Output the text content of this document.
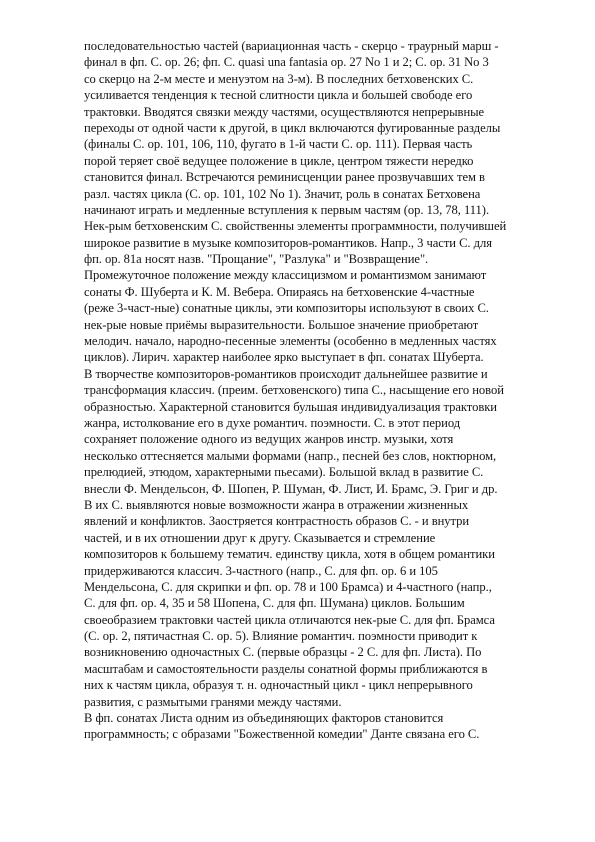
последовательностью частей (вариационная часть - скерцо - траурный марш -
финал в фп. С. ор. 26; фп. С. quasi una fantasia op. 27 No 1 и 2; С. ор. 31 No 3
со скерцо на 2-м месте и менуэтом на 3-м). В последних бетховенских С.
усиливается тенденция к тесной слитности цикла и большей свободе его
трактовки. Вводятся связки между частями, осуществляются непрерывные
переходы от одной части к другой, в цикл включаются фугированные разделы
(финалы С. ор. 101, 106, 110, фугато в 1-й части С. ор. 111). Первая часть
порой теряет своё ведущее положение в цикле, центром тяжести нередко
становится финал. Встречаются реминисценции ранее прозвучавших тем в
разл. частях цикла (С. ор. 101, 102 No 1). Значит, роль в сонатах Бетховена
начинают играть и медленные вступления к первым частям (ор. 13, 78, 111).
Нек-рым бетховенским С. свойственны элементы программности, получившей
широкое развитие в музыке композиторов-романтиков. Напр., 3 части С. для
фп. ор. 81а носят назв. "Прощание", "Разлука" и "Возвращение".
Промежуточное положение между классицизмом и романтизмом занимают
сонаты Ф. Шуберта и К. М. Вебера. Опираясь на бетховенские 4-частные
(реже 3-част-ные) сонатные циклы, эти композиторы используют в своих С.
нек-рые новые приёмы выразительности. Большое значение приобретают
мелодич. начало, народно-песенные элементы (особенно в медленных частях
циклов). Лирич. характер наиболее ярко выступает в фп. сонатах Шуберта.
В творчестве композиторов-романтиков происходит дальнейшее развитие и
трансформация классич. (преим. бетховенского) типа С., насыщение его новой
образностью. Характерной становится бульшая индивидуализация трактовки
жанра, истолкование его в духе романтич. поэмности. С. в этот период
сохраняет положение одного из ведущих жанров инстр. музыки, хотя
несколько оттесняется малыми формами (напр., песней без слов, ноктюрном,
прелюдией, этюдом, характерными пьесами). Большой вклад в развитие С.
внесли Ф. Мендельсон, Ф. Шопен, Р. Шуман, Ф. Лист, И. Брамс, Э. Григ и др.
В их С. выявляются новые возможности жанра в отражении жизненных
явлений и конфликтов. Заостряется контрастность образов С. - и внутри
частей, и в их отношении друг к другу. Сказывается и стремление
композиторов к большему тематич. единству цикла, хотя в общем романтики
придерживаются классич. 3-частного (напр., С. для фп. ор. 6 и 105
Мендельсона, С. для скрипки и фп. ор. 78 и 100 Брамса) и 4-частного (напр.,
С. для фп. ор. 4, 35 и 58 Шопена, С. для фп. Шумана) циклов. Большим
своеобразием трактовки частей цикла отличаются нек-рые С. для фп. Брамса
(С. ор. 2, пятичастная С. ор. 5). Влияние романтич. поэмности приводит к
возникновению одночастных С. (первые образцы - 2 С. для фп. Листа). По
масштабам и самостоятельности разделы сонатной формы приближаются в
них к частям цикла, образуя т. н. одночастный цикл - цикл непрерывного
развития, с размытыми гранями между частями.
В фп. сонатах Листа одним из объединяющих факторов становится
программность; с образами "Божественной комедии" Данте связана его С.
